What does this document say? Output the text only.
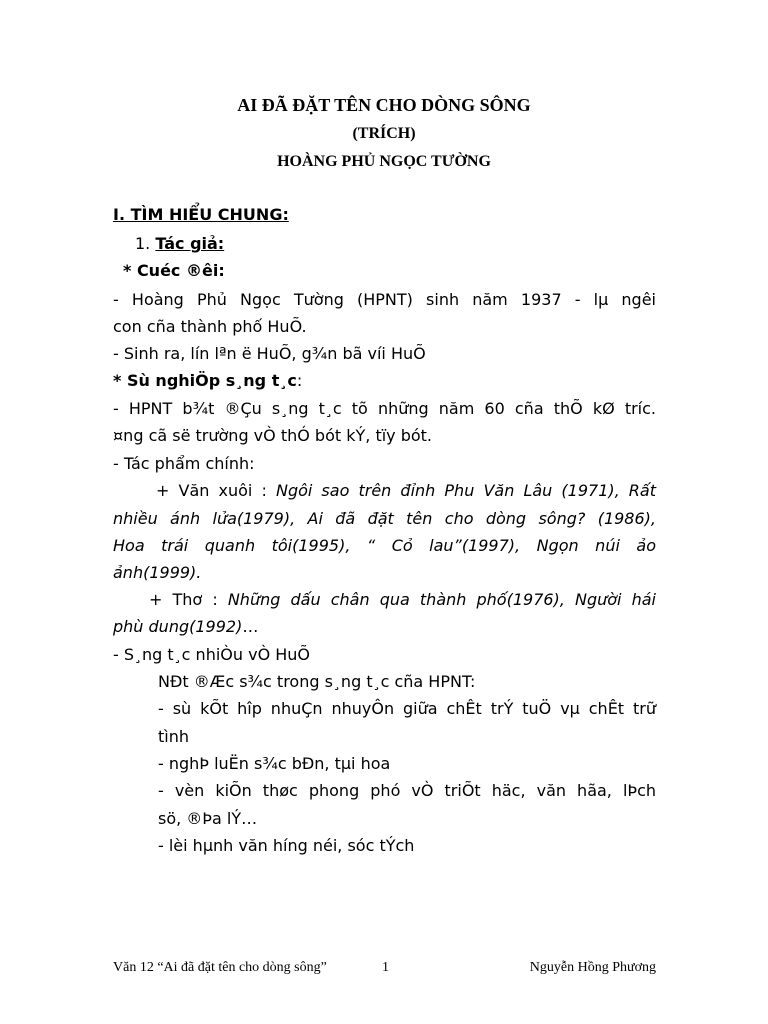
AI ĐÃ ĐẶT TÊN CHO DÒNG SÔNG
(TRÍCH)
HOÀNG PHỦ NGỌC TƯỜNG
I. TÌM HIỂU CHUNG:
1. Tác giả:
* Cuéc ®êi:
- Hoàng Phủ Ngọc Tường (HPNT) sinh năm 1937 - lµ ngêi
con cña thành phố HuÕ.
- Sinh ra, lín lªn ë HuÕ, g¾n bã víi HuÕ
* Sù nghiÖp s¸ng t¸c:
- HPNT b¾t ®Çu s¸ng t¸c tõ những năm 60 cña thÕ kØ tríc.
¤ng cã së trường vÒ thÓ bót kÝ, tïy bót.
- Tác phẩm chính:
+ Văn xuôi : Ngôi sao trên đỉnh Phu Văn Lâu (1971), Rất
nhiều ánh lửa(1979), Ai đã đặt tên cho dòng sông? (1986),
Hoa trái quanh tôi(1995), “ Cỏ lau”(1997), Ngọn núi ảo
ảnh(1999).
+ Thơ : Những dấu chân qua thành phố(1976), Người hái
phù dung(1992)…
- S¸ng t¸c nhiÒu vÒ HuÕ
NÐt ®Æc s¾c trong s¸ng t¸c cña HPNT:
- sù kÕt hîp nhuÇn nhuyÔn giữa chÊt trÝ tuÖ vµ chÊt trữ
tình
- nghÞ luËn s¾c bÐn, tµi hoa
- vèn kiÕn thøc phong phó vÒ triÕt häc, văn hãa, lÞch
sö, ®Þa lÝ…
- lèi hµnh văn híng néi, sóc tÝch
Văn 12 “Ai đã đặt tên cho dòng sông”	1	Nguyễn Hồng Phương
